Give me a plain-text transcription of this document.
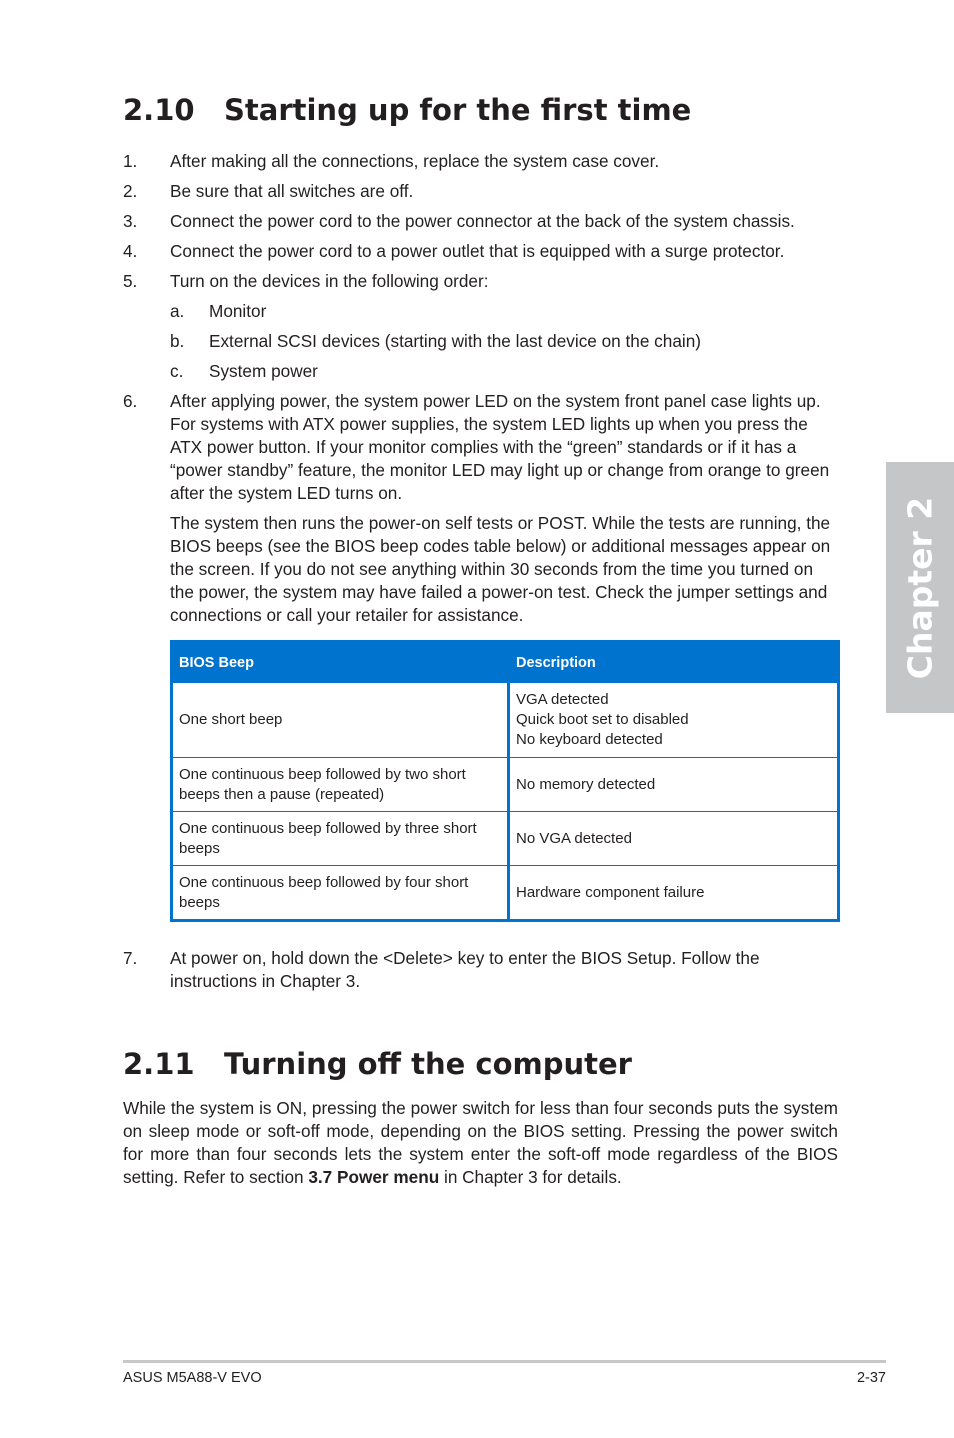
2.10 Starting up for the first time
1. After making all the connections, replace the system case cover.
2. Be sure that all switches are off.
3. Connect the power cord to the power connector at the back of the system chassis.
4. Connect the power cord to a power outlet that is equipped with a surge protector.
5. Turn on the devices in the following order:
a. Monitor
b. External SCSI devices (starting with the last device on the chain)
c. System power
6. After applying power, the system power LED on the system front panel case lights up. For systems with ATX power supplies, the system LED lights up when you press the ATX power button. If your monitor complies with the “green” standards or if it has a “power standby” feature, the monitor LED may light up or change from orange to green after the system LED turns on.
The system then runs the power-on self tests or POST. While the tests are running, the BIOS beeps (see the BIOS beep codes table below) or additional messages appear on the screen. If you do not see anything within 30 seconds from the time you turned on the power, the system may have failed a power-on test. Check the jumper settings and connections or call your retailer for assistance.
BIOS Beep	Description
One short beep	VGA detected
Quick boot set to disabled
No keyboard detected

One continuous beep followed by two short beeps then a pause (repeated)	No memory detected

One continuous beep followed by three short beeps	No VGA detected

One continuous beep followed by four short beeps	Hardware component failure
7. At power on, hold down the <Delete> key to enter the BIOS Setup. Follow the instructions in Chapter 3.
2.11 Turning off the computer

While the system is ON, pressing the power switch for less than four seconds puts the system on sleep mode or soft-off mode, depending on the BIOS setting. Pressing the power switch for more than four seconds lets the system enter the soft-off mode regardless of the BIOS setting. Refer to section 3.7 Power menu in Chapter 3 for details.

Chapter 2
ASUS M5A88-V EVO	2-37
